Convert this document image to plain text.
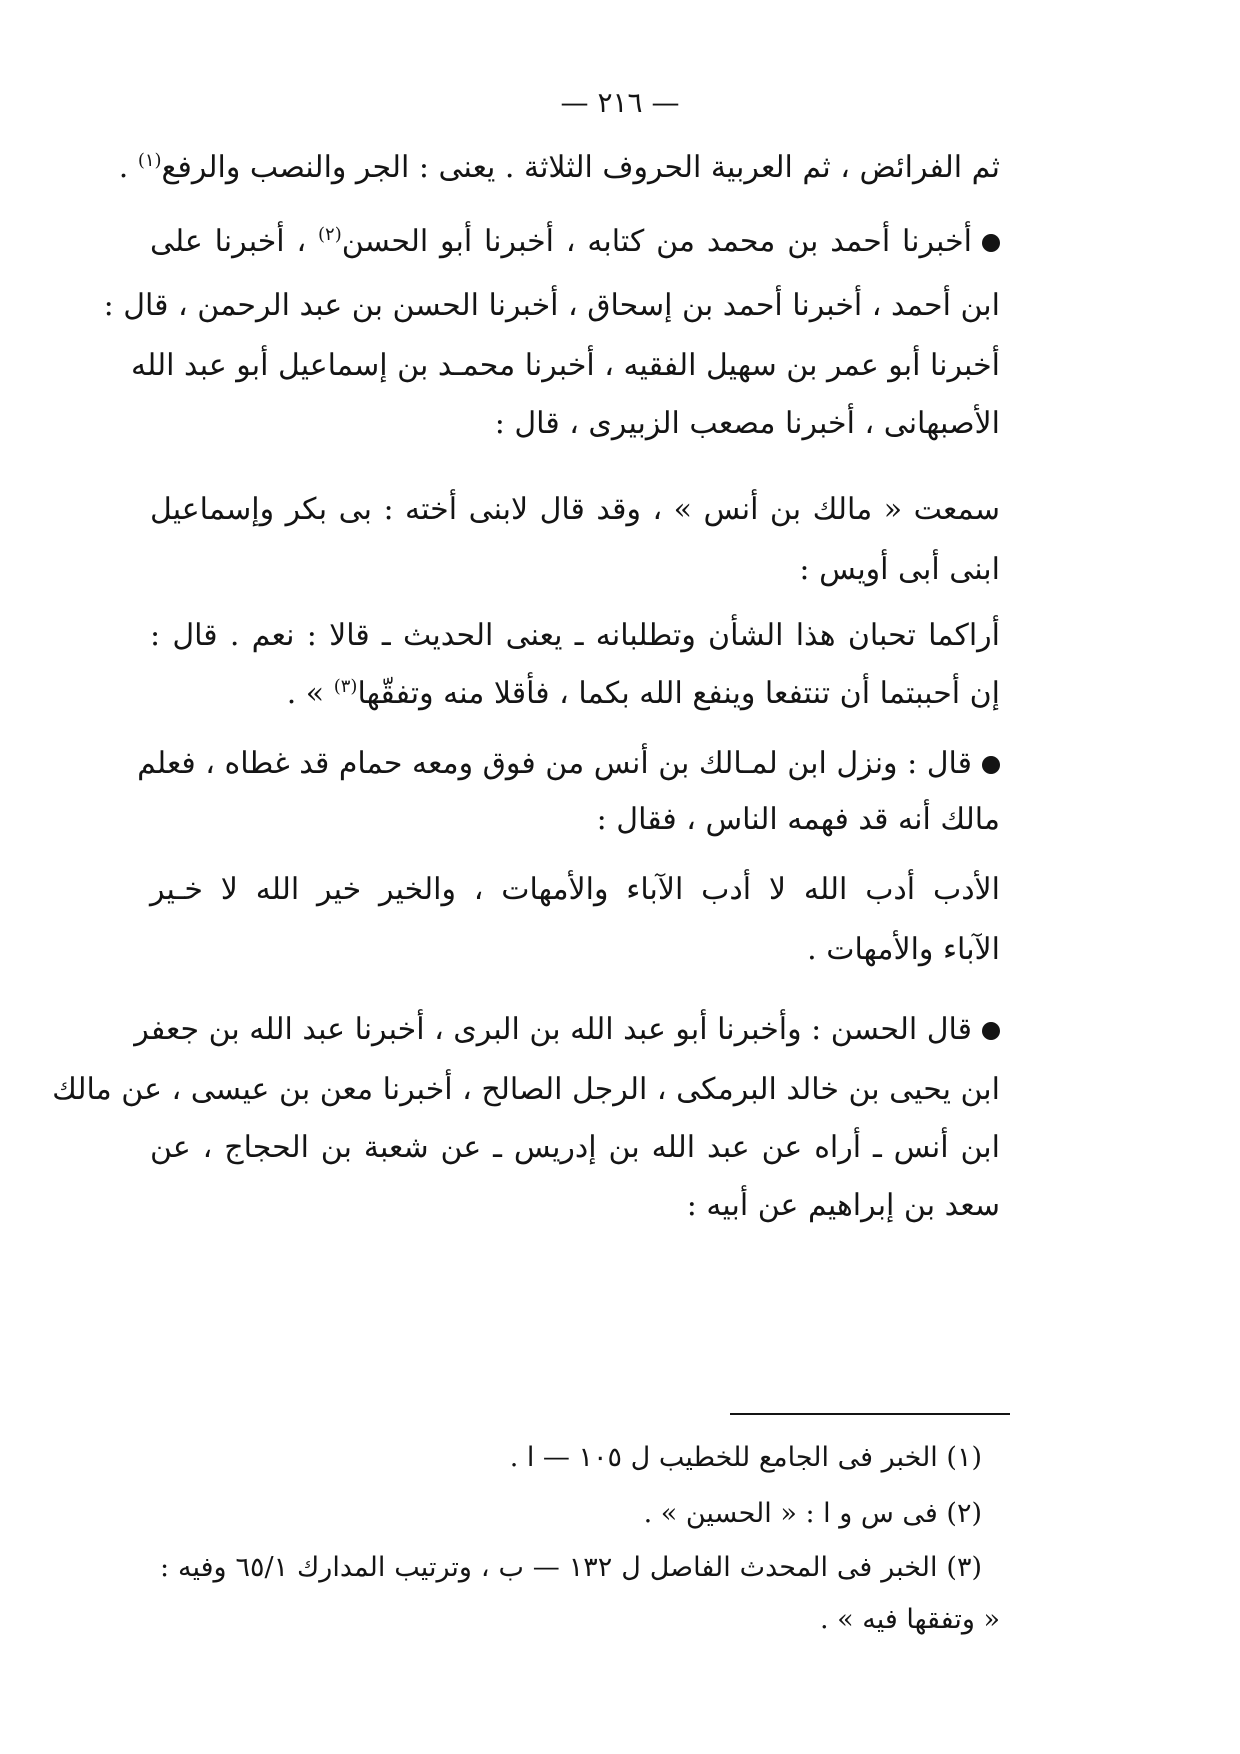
— ٢١٦ —
ثم الفرائض ، ثم العربية الحروف الثلاثة . يعنى : الجر والنصب والرفع$^{(١)}$ .
أخبرنا أحمد بن محمد من كتابه ، أخبرنا أبو الحسن$^{(٢)}$ ، أخبرنا على
ابن أحمد ، أخبرنا أحمد بن إسحاق ، أخبرنا الحسن بن عبد الرحمن ، قال :
أخبرنا أبو عمر بن سهيل الفقيه ، أخبرنا محمـد بن إسماعيل أبو عبد الله
الأصبهانى ، أخبرنا مصعب الزبيرى ، قال :
سمعت « مالك بن أنس » ، وقد قال لابنى أخته : بى بكر وإسماعيل
ابنى أبى أويس :
أراكما تحبان هذا الشأن وتطلبانه ـ يعنى الحديث ـ قالا : نعم . قال :
إن أحببتما أن تنتفعا وينفع الله بكما ، فأقلا منه وتفقّها$^{(٣)}$ » .
قال : ونزل ابن لمـالك بن أنس من فوق ومعه حمام قد غطاه ، فعلم
مالك أنه قد فهمه الناس ، فقال :
الأدب أدب الله لا أدب الآباء والأمهات ، والخير خير الله لا خـير
الآباء والأمهات .
قال الحسن : وأخبرنا أبو عبد الله بن البرى ، أخبرنا عبد الله بن جعفر
ابن يحيى بن خالد البرمكى ، الرجل الصالح ، أخبرنا معن بن عيسى ، عن مالك
ابن أنس ـ أراه عن عبد الله بن إدريس ـ عن شعبة بن الحجاج ، عن
سعد بن إبراهيم عن أبيه :
(١) الخبر فى الجامع للخطيب ل ١٠٥ — ا .
(٢) فى س و ا : « الحسين » .
(٣) الخبر فى المحدث الفاصل ل ١٣٢ — ب ، وترتيب المدارك ٦٥/١ وفيه :
« وتفقها فيه » .
